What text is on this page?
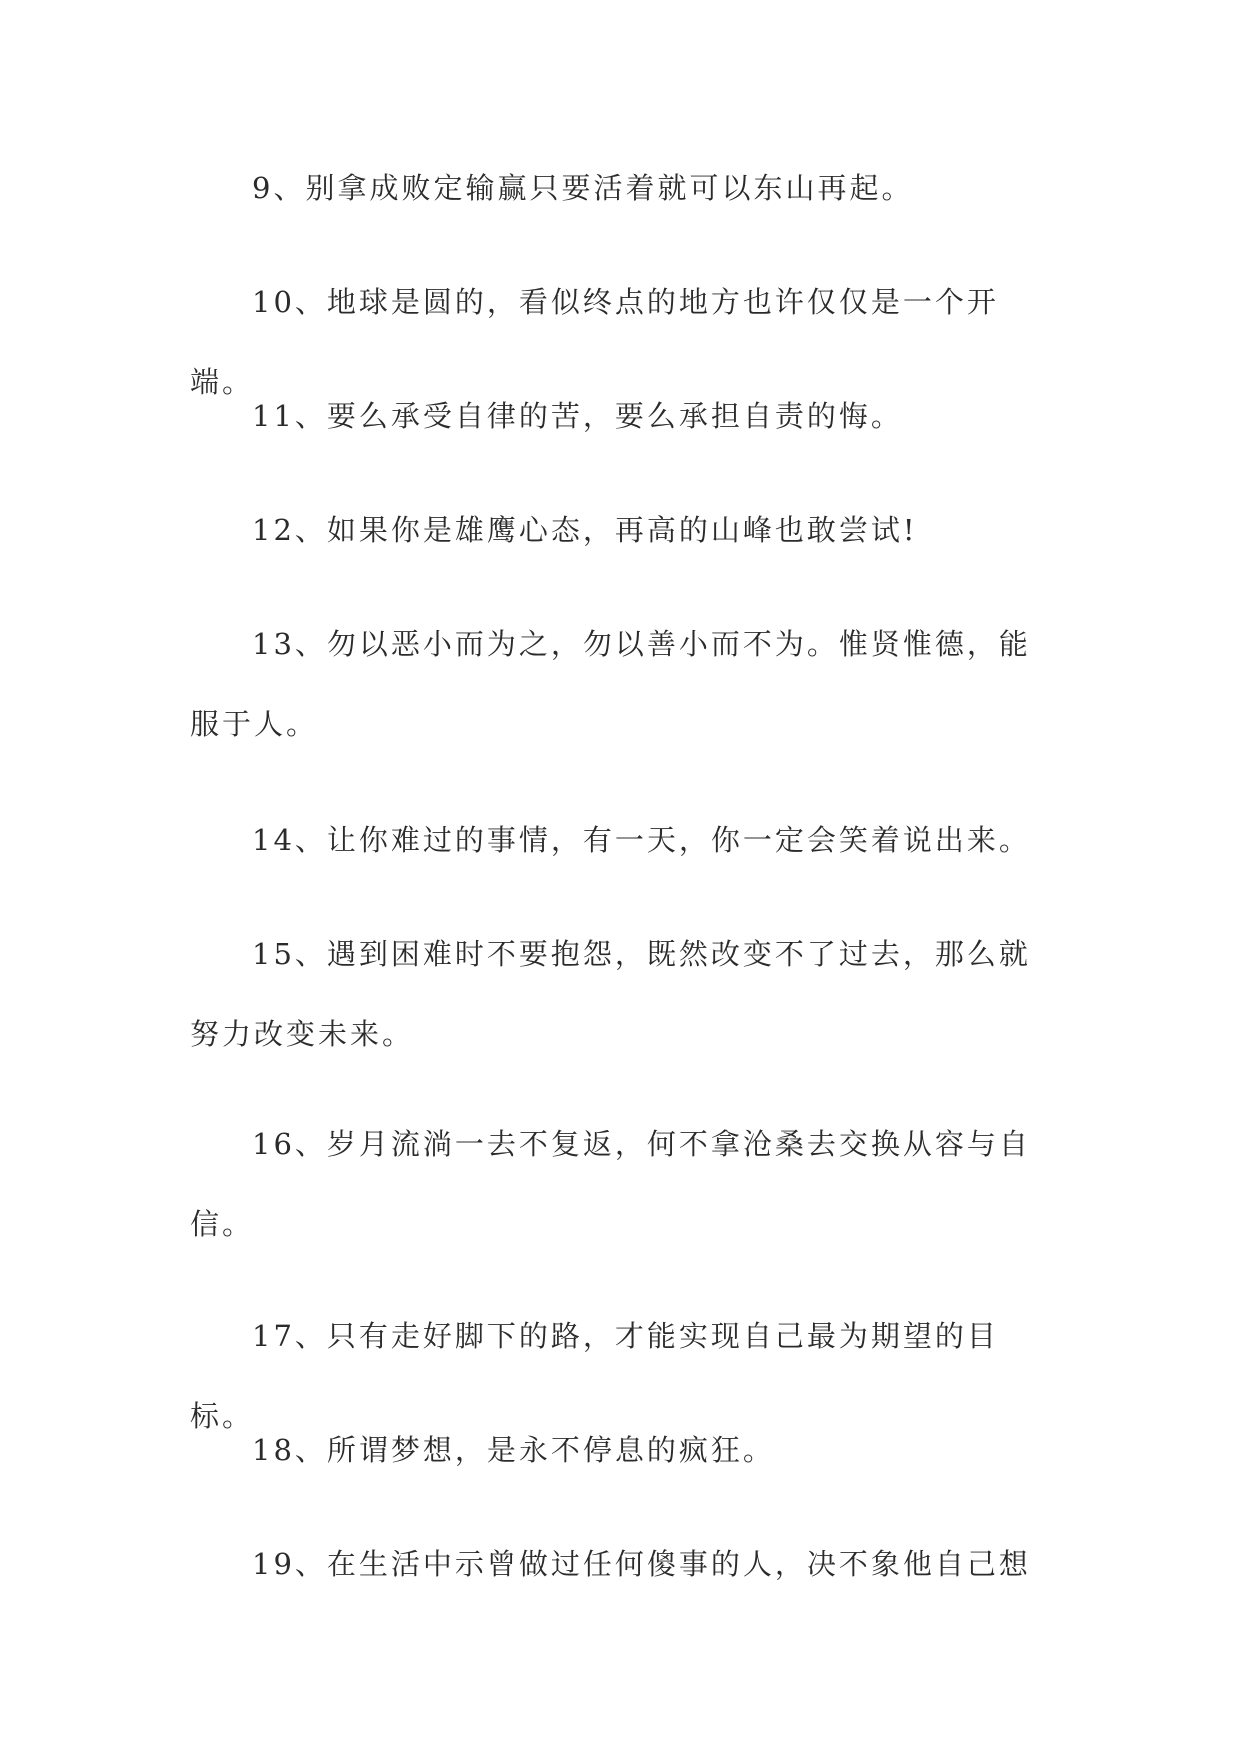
9、别拿成败定输赢只要活着就可以东山再起。

10、地球是圆的，看似终点的地方也许仅仅是一个开端。

11、要么承受自律的苦，要么承担自责的悔。

12、如果你是雄鹰心态，再高的山峰也敢尝试!

13、勿以恶小而为之，勿以善小而不为。惟贤惟德，能服于人。

14、让你难过的事情，有一天，你一定会笑着说出来。

15、遇到困难时不要抱怨，既然改变不了过去，那么就努力改变未来。

16、岁月流淌一去不复返，何不拿沧桑去交换从容与自信。

17、只有走好脚下的路，才能实现自己最为期望的目标。

18、所谓梦想，是永不停息的疯狂。

19、在生活中示曾做过任何傻事的人，决不象他自己想
